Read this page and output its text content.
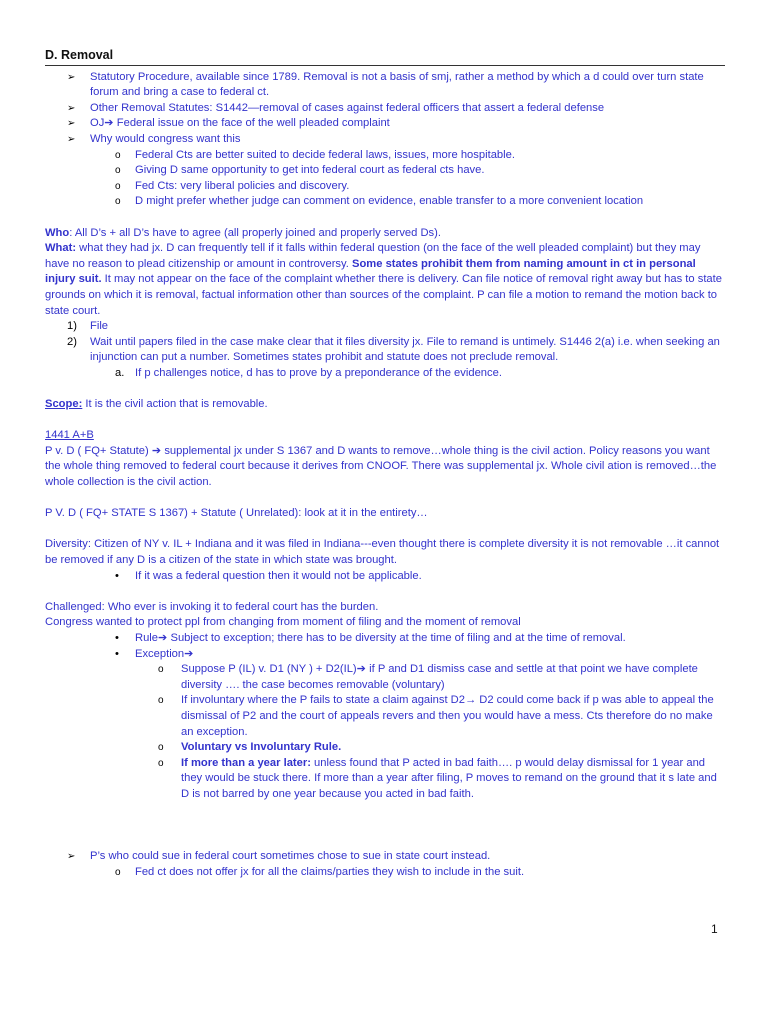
D. Removal
➢ Statutory Procedure, available since 1789. Removal is not a basis of smj, rather a method by which a d could over turn state forum and bring a case to federal ct.
➢ Other Removal Statutes: S1442—removal of cases against federal officers that assert a federal defense
➢ OJ➔ Federal issue on the face of the well pleaded complaint
➢ Why would congress want this
o Federal Cts are better suited to decide federal laws, issues, more hospitable.
o Giving D same opportunity to get into federal court as federal cts have.
o Fed Cts: very liberal policies and discovery.
o D might prefer whether judge can comment on evidence, enable transfer to a more convenient location
Who: All D’s + all D’s have to agree (all properly joined and properly served Ds).
What: what they had jx. D can frequently tell if it falls within federal question (on the face of the well pleaded complaint) but they may have no reason to plead citizenship or amount in controversy. Some states prohibit them from naming amount in ct in personal injury suit. It may not appear on the face of the complaint whether there is delivery. Can file notice of removal right away but has to state grounds on which it is removal, factual information other than sources of the complaint. P can file a motion to remand the motion back to state court.
1) File
2) Wait until papers filed in the case make clear that it files diversity jx. File to remand is untimely. S1446 2(a) i.e. when seeking an injunction can put a number. Sometimes states prohibit and statute does not preclude removal.
a. If p challenges notice, d has to prove by a preponderance of the evidence.
Scope: It is the civil action that is removable.
1441 A+B
P v. D ( FQ+ Statute) ➔ supplemental jx under S 1367 and D wants to remove…whole thing is the civil action. Policy reasons you want the whole thing removed to federal court because it derives from CNOOF. There was supplemental jx. Whole civil ation is removed…the whole collection is the civil action.
P V. D ( FQ+ STATE S 1367) + Statute ( Unrelated): look at it in the entirety…
Diversity: Citizen of NY v. IL + Indiana and it was filed in Indiana---even thought there is complete diversity it is not removable …it cannot be removed if any D is a citizen of the state in which state was brought.
• If it was a federal question then it would not be applicable.
Challenged: Who ever is invoking it to federal court has the burden.
Congress wanted to protect ppl from changing from moment of filing and the moment of removal
• Rule➔ Subject to exception; there has to be diversity at the time of filing and at the time of removal.
• Exception➔
o Suppose P (IL) v. D1 (NY ) + D2(IL)➔ if P and D1 dismiss case and settle at that point we have complete diversity …. the case becomes removable (voluntary)
o If involuntary where the P fails to state a claim against D2→ D2 could come back if p was able to appeal the dismissal of P2 and the court of appeals revers and then you would have a mess. Cts therefore do no make an exception.
o Voluntary vs Involuntary Rule.
o If more than a year later: unless found that P acted in bad faith…. p would delay dismissal for 1 year and they would be stuck there. If more than a year after filing, P moves to remand on the ground that it s late and D is not barred by one year because you acted in bad faith.
➢ P’s who could sue in federal court sometimes chose to sue in state court instead.
o Fed ct does not offer jx for all the claims/parties they wish to include in the suit.
1
